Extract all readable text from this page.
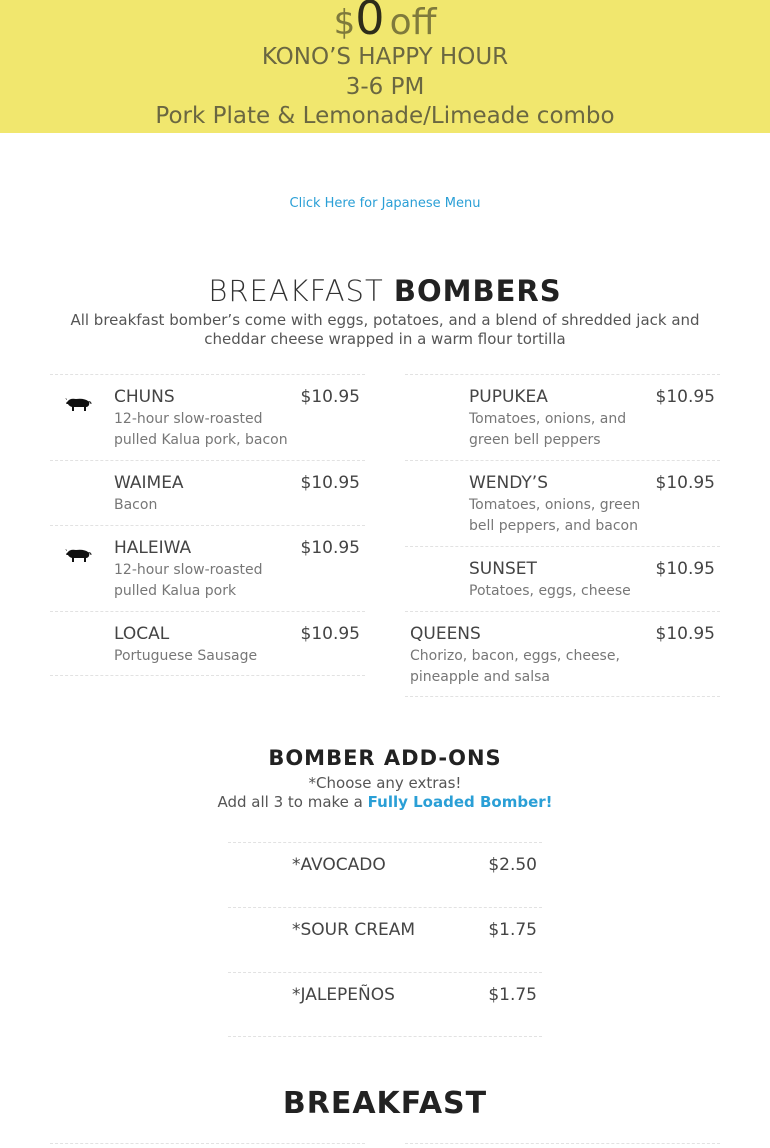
$0 off
KONO’S HAPPY HOUR
3-6 PM
Pork Plate & Lemonade/Limeade combo
Click Here for Japanese Menu
BREAKFAST BOMBERS
All breakfast bomber’s come with eggs, potatoes, and a blend of shredded jack and cheddar cheese wrapped in a warm flour tortilla
CHUNS	$10.95
12-hour slow-roasted pulled Kalua pork, bacon
WAIMEA	$10.95
Bacon
HALEIWA	$10.95
12-hour slow-roasted pulled Kalua pork
LOCAL	$10.95
Portuguese Sausage
PUPUKEA	$10.95
Tomatoes, onions, and green bell peppers
WENDY’S	$10.95
Tomatoes, onions, green bell peppers, and bacon
SUNSET	$10.95
Potatoes, eggs, cheese
QUEENS	$10.95
Chorizo, bacon, eggs, cheese, pineapple and salsa
BOMBER ADD-ONS
*Choose any extras!
Add all 3 to make a Fully Loaded Bomber!
*AVOCADO	$2.50
*SOUR CREAM	$1.75
*JALEPEÑOS	$1.75
BREAKFAST
